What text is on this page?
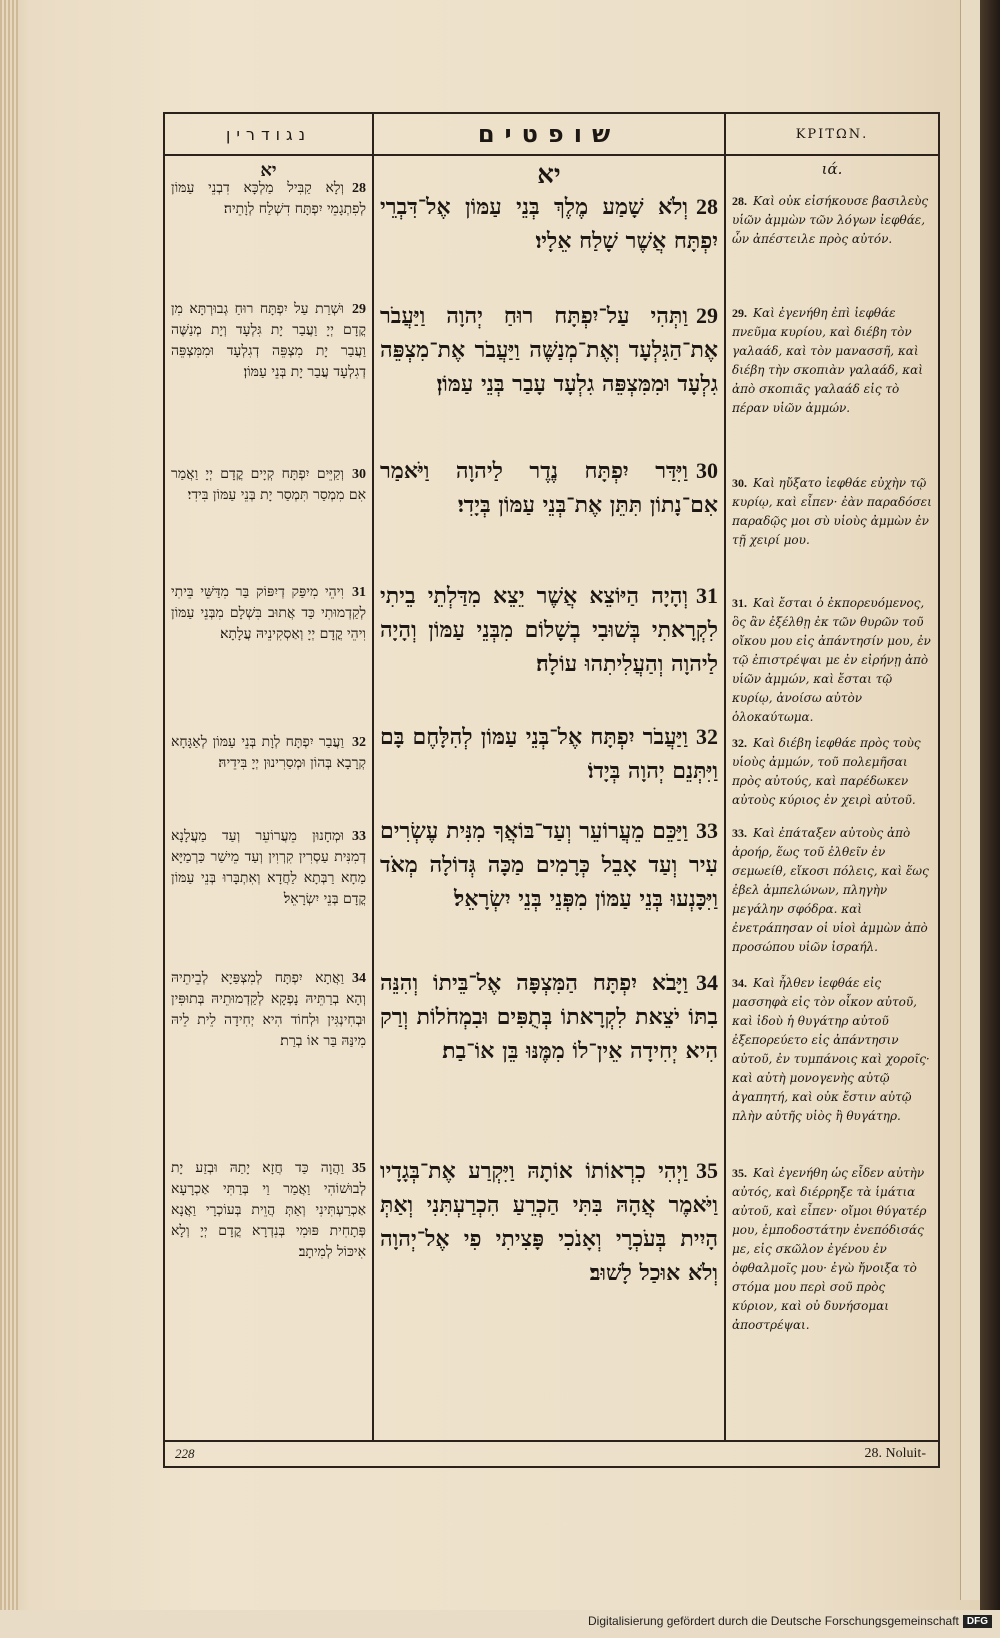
נגודרין
יא
28וְלָא קַבִּיל מַלְכָּא דִבְנֵי עַמּוֹן לְפִתְגָמֵי יִפְתָּח דִשְׁלַח לְוָתֵיה׃
29וּשְׁרַת עַל יִפְתָּח רוּחַ גְבוּרְתָּא מִן קֳדָם יְיָ וַעֲבַר יָת גִּלְעָד וְיָת מְנַשֶּׁה וַעֲבַר יָת מִצְפֵּה דְגִלְעָד וּמִמִּצְפֵּה דְגִלְעָד עֲבַר יָת בְּנֵי עַמּוֹן׃
30וְקַיֵּים יִפְתָּח קְיָים קֳדָם יְיָ וַאֲמַר אִם מִמְסַר תִּמְסַר יָת בְּנֵי עַמּוֹן בִּידִי׃
31וִיהֵי מִיפַּק דְיִפּוֹק בַּר מִדַּשֵּׁי בֵּיתִי לְקַדְמוּתִי כַּד אֲתוּב בִּשְׁלָם מִבְּנֵי עַמּוֹן וִיהֵי קֳדָם יְיָ וְאַסְקִינֵיהּ עֲלָתָא׃
32וַעֲבַר יִפְתָּח לְוָת בְּנֵי עַמּוֹן לְאַגָּחָא קְרָבָא בְּהוֹן וּמְסַרִינוּן יְיָ בִּידֵיהּ׃
33וּמְחָנוּן מֵעֲרוֹעֵר וְעַד מַעֲלָנָא דְמִנִּית עַסְרִין קִרְוִין וְעַד מֵישַׁר כַּרְמַיָּא מַחָא רַבְּתָא לַחֲדָא וְאִתְבָּרוּ בְּנֵי עַמּוֹן קֳדָם בְּנֵי יִשְׂרָאֵל׃
34וַאֲתָא יִפְתָּח לְמִצְפַּיָא לְבֵיתֵיהּ וְהָא בְרַתֵּיהּ נָפְקָא לְקַדְמוּתֵיהּ בְּתוּפִּין וּבְחִינְגִּין וּלְחוֹד הִיא יְחִידָה לֵית לֵיהּ מִינַּהּ בַּר אוֹ בְרַת׃
35וַהֲוָה כַּד חֲזָא יָתַהּ וּבְזַע יָת לְבוּשׁוֹהִי וַאֲמַר וַי בְּרַתִּי אַכְרָעָא אַכְרַעְתִּינִי וְאַתְּ הֲוֵית בְּעוֹכְרָי וַאֲנָא פְּתָחִית פּוּמִי בְּנִדְרָא קֳדָם יְיָ וְלָא אִיכּוֹל לְמִיתָב׃
שופטים
יא
28וְלֹא שָׁמַע מֶלֶךְ בְּנֵי עַמּוֹן אֶל־דִּבְרֵי יִפְתָּח אֲשֶׁר שָׁלַח אֵלָיו׃
29וַתְּהִי עַל־יִפְתָּח רוּחַ יְהוָה וַיַּעֲבֹר אֶת־הַגִּלְעָד וְאֶת־מְנַשֶּׁה וַיַּעֲבֹר אֶת־מִצְפֵּה גִלְעָד וּמִמִּצְפֵּה גִלְעָד עָבַר בְּנֵי עַמּוֹן׃
30וַיִּדַּר יִפְתָּח נֶדֶר לַיהוָה וַיֹּאמַר אִם־נָתוֹן תִּתֵּן אֶת־בְּנֵי עַמּוֹן בְּיָדִי׃
31וְהָיָה הַיּוֹצֵא אֲשֶׁר יֵצֵא מִדַּלְתֵי בֵיתִי לִקְרָאתִי בְּשׁוּבִי בְשָׁלוֹם מִבְּנֵי עַמּוֹן וְהָיָה לַיהוָה וְהַעֲלִיתִהוּ עוֹלָה׃
32וַיַּעֲבֹר יִפְתָּח אֶל־בְּנֵי עַמּוֹן לְהִלָּחֶם בָּם וַיִּתְּנֵם יְהוָה בְּיָדוֹ׃
33וַיַּכֵּם מֵעֲרוֹעֵר וְעַד־בּוֹאֲךָ מִנִּית עֶשְׂרִים עִיר וְעַד אָבֵל כְּרָמִים מַכָּה גְּדוֹלָה מְאֹד וַיִּכָּנְעוּ בְּנֵי עַמּוֹן מִפְּנֵי בְּנֵי יִשְׂרָאֵל׃
34וַיָּבֹא יִפְתָּח הַמִּצְפָּה אֶל־בֵּיתוֹ וְהִנֵּה בִתּוֹ יֹצֵאת לִקְרָאתוֹ בְּתֻפִּים וּבִמְחֹלוֹת וְרַק הִיא יְחִידָה אֵין־לוֹ מִמֶּנּוּ בֵּן אוֹ־בַת׃
35וַיְהִי כִרְאוֹתוֹ אוֹתָהּ וַיִּקְרַע אֶת־בְּגָדָיו וַיֹּאמֶר אֲהָהּ בִּתִּי הַכְרֵעַ הִכְרַעְתִּנִי וְאַתְּ הָיִית בְּעֹכְרָי וְאָנֹכִי פָּצִיתִי פִי אֶל־יְהוָה וְלֹא אוּכַל לָשׁוּב׃
ΚΡΙΤΩΝ.
ιά.
28. Καὶ οὐκ εἰσήκουσε βασιλεὺς υἱῶν ἀμμὼν τῶν λόγων ἰεφθάε, ὧν ἀπέστειλε πρὸς αὐτόν.
29. Καὶ ἐγενήθη ἐπὶ ἰεφθάε πνεῦμα κυρίου, καὶ διέβη τὸν γαλαάδ, καὶ τὸν μανασσῆ, καὶ διέβη τὴν σκοπιὰν γαλαάδ, καὶ ἀπὸ σκοπιᾶς γαλαάδ εἰς τὸ πέραν υἱῶν ἀμμών.
30. Καὶ ηὔξατο ἰεφθάε εὐχὴν τῷ κυρίῳ, καὶ εἶπεν· ἐὰν παραδόσει παραδῷς μοι σὺ υἱοὺς ἀμμὼν ἐν τῇ χειρί μου.
31. Καὶ ἔσται ὁ ἐκπορευόμενος, ὃς ἂν ἐξέλθῃ ἐκ τῶν θυρῶν τοῦ οἴκου μου εἰς ἀπάντησίν μου, ἐν τῷ ἐπιστρέψαι με ἐν εἰρήνῃ ἀπὸ υἱῶν ἀμμών, καὶ ἔσται τῷ κυρίῳ, ἀνοίσω αὐτὸν ὁλοκαύτωμα.
32. Καὶ διέβη ἰεφθάε πρὸς τοὺς υἱοὺς ἀμμών, τοῦ πολεμῆσαι πρὸς αὐτούς, καὶ παρέδωκεν αὐτοὺς κύριος ἐν χειρὶ αὐτοῦ.
33. Καὶ ἐπάταξεν αὐτοὺς ἀπὸ ἀροήρ, ἕως τοῦ ἐλθεῖν ἐν σεμωείθ, εἴκοσι πόλεις, καὶ ἕως ἐβελ ἀμπελώνων, πληγὴν μεγάλην σφόδρα. καὶ ἐνετράπησαν οἱ υἱοὶ ἀμμὼν ἀπὸ προσώπου υἱῶν ἰσραήλ.
34. Καὶ ἦλθεν ἰεφθάε εἰς μασσηφὰ εἰς τὸν οἶκον αὐτοῦ, καὶ ἰδοὺ ἡ θυγάτηρ αὐτοῦ ἐξεπορεύετο εἰς ἀπάντησιν αὐτοῦ, ἐν τυμπάνοις καὶ χοροῖς· καὶ αὐτὴ μονογενὴς αὐτῷ ἀγαπητή, καὶ οὐκ ἔστιν αὐτῷ πλὴν αὐτῆς υἱὸς ἢ θυγάτηρ.
35. Καὶ ἐγενήθη ὡς εἶδεν αὐτὴν αὐτός, καὶ διέρρηξε τὰ ἱμάτια αὐτοῦ, καὶ εἶπεν· οἴμοι θύγατέρ μου, ἐμποδοστάτην ἐνεπόδισάς με, εἰς σκῶλον ἐγένου ἐν ὀφθαλμοῖς μου· ἐγὼ ἤνοιξα τὸ στόμα μου περὶ σοῦ πρὸς κύριον, καὶ οὐ δυνήσομαι ἀποστρέψαι.
228	28. Noluit-
Digitalisierung gefördert durch die Deutsche Forschungsgemeinschaft DFG
